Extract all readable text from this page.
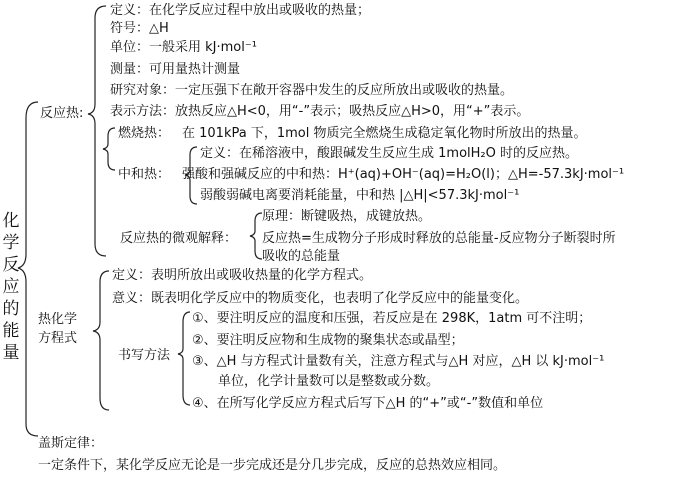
化学反应的能量
反应热:
定义：在化学反应过程中放出或吸收的热量；
符号：△H
单位：一般采用 kJ·mol⁻¹
测量：可用量热计测量
研究对象：一定压强下在敞开容器中发生的反应所放出或吸收的热量。
表示方法：放热反应△H<0，用“-”表示；吸热反应△H>0，用“+”表示。
燃烧热： 在 101kPa 下，1mol 物质完全燃烧生成稳定氧化物时所放出的热量。
中和热：
定义：在稀溶液中，酸跟碱发生反应生成 1molH₂O 时的反应热。
强酸和强碱反应的中和热：H⁺(aq)+OH⁻(aq)=H₂O(l)；△H=-57.3kJ·mol⁻¹
弱酸弱碱电离要消耗能量，中和热 |△H|<57.3kJ·mol⁻¹
反应热的微观解释：
原理：断键吸热，成键放热。
反应热=生成物分子形成时释放的总能量-反应物分子断裂时所
吸收的总能量
热化学
方程式
定义：表明所放出或吸收热量的化学方程式。
意义：既表明化学反应中的物质变化，也表明了化学反应中的能量变化。
书写方法
①、要注明反应的温度和压强，若反应是在 298K，1atm 可不注明；
②、要注明反应物和生成物的聚集状态或晶型；
③、△H 与方程式计量数有关，注意方程式与△H 对应，△H 以 kJ·mol⁻¹
单位，化学计量数可以是整数或分数。
④、在所写化学反应方程式后写下△H 的“+”或“-”数值和单位
盖斯定律：
一定条件下，某化学反应无论是一步完成还是分几步完成，反应的总热效应相同。
